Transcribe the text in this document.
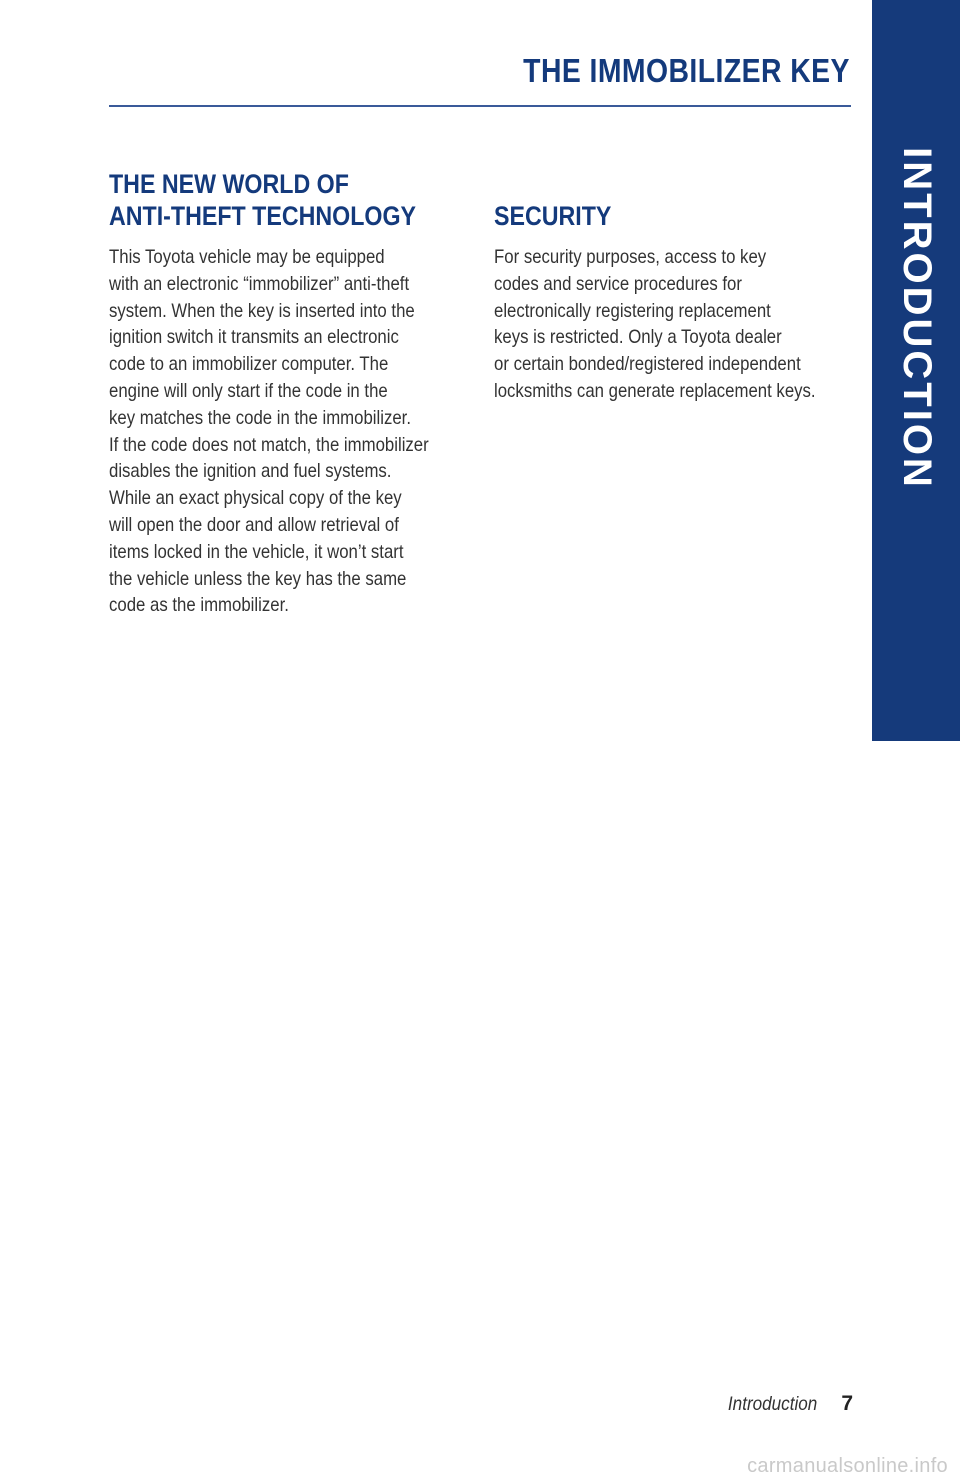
THE IMMOBILIZER KEY
INTRODUCTION
THE NEW WORLD OF
ANTI-THEFT TECHNOLOGY

This Toyota vehicle may be equipped
with an electronic “immobilizer” anti-theft
system. When the key is inserted into the
ignition switch it transmits an electronic
code to an immobilizer computer. The
engine will only start if the code in the
key matches the code in the immobilizer.
If the code does not match, the immobilizer
disables the ignition and fuel systems.
While an exact physical copy of the key
will open the door and allow retrieval of
items locked in the vehicle, it won’t start
the vehicle unless the key has the same
code as the immobilizer.

SECURITY

For security purposes, access to key
codes and service procedures for
electronically registering replacement
keys is restricted. Only a Toyota dealer
or certain bonded/registered independent
locksmiths can generate replacement keys.

Introduction 7
carmanualsonline.info
